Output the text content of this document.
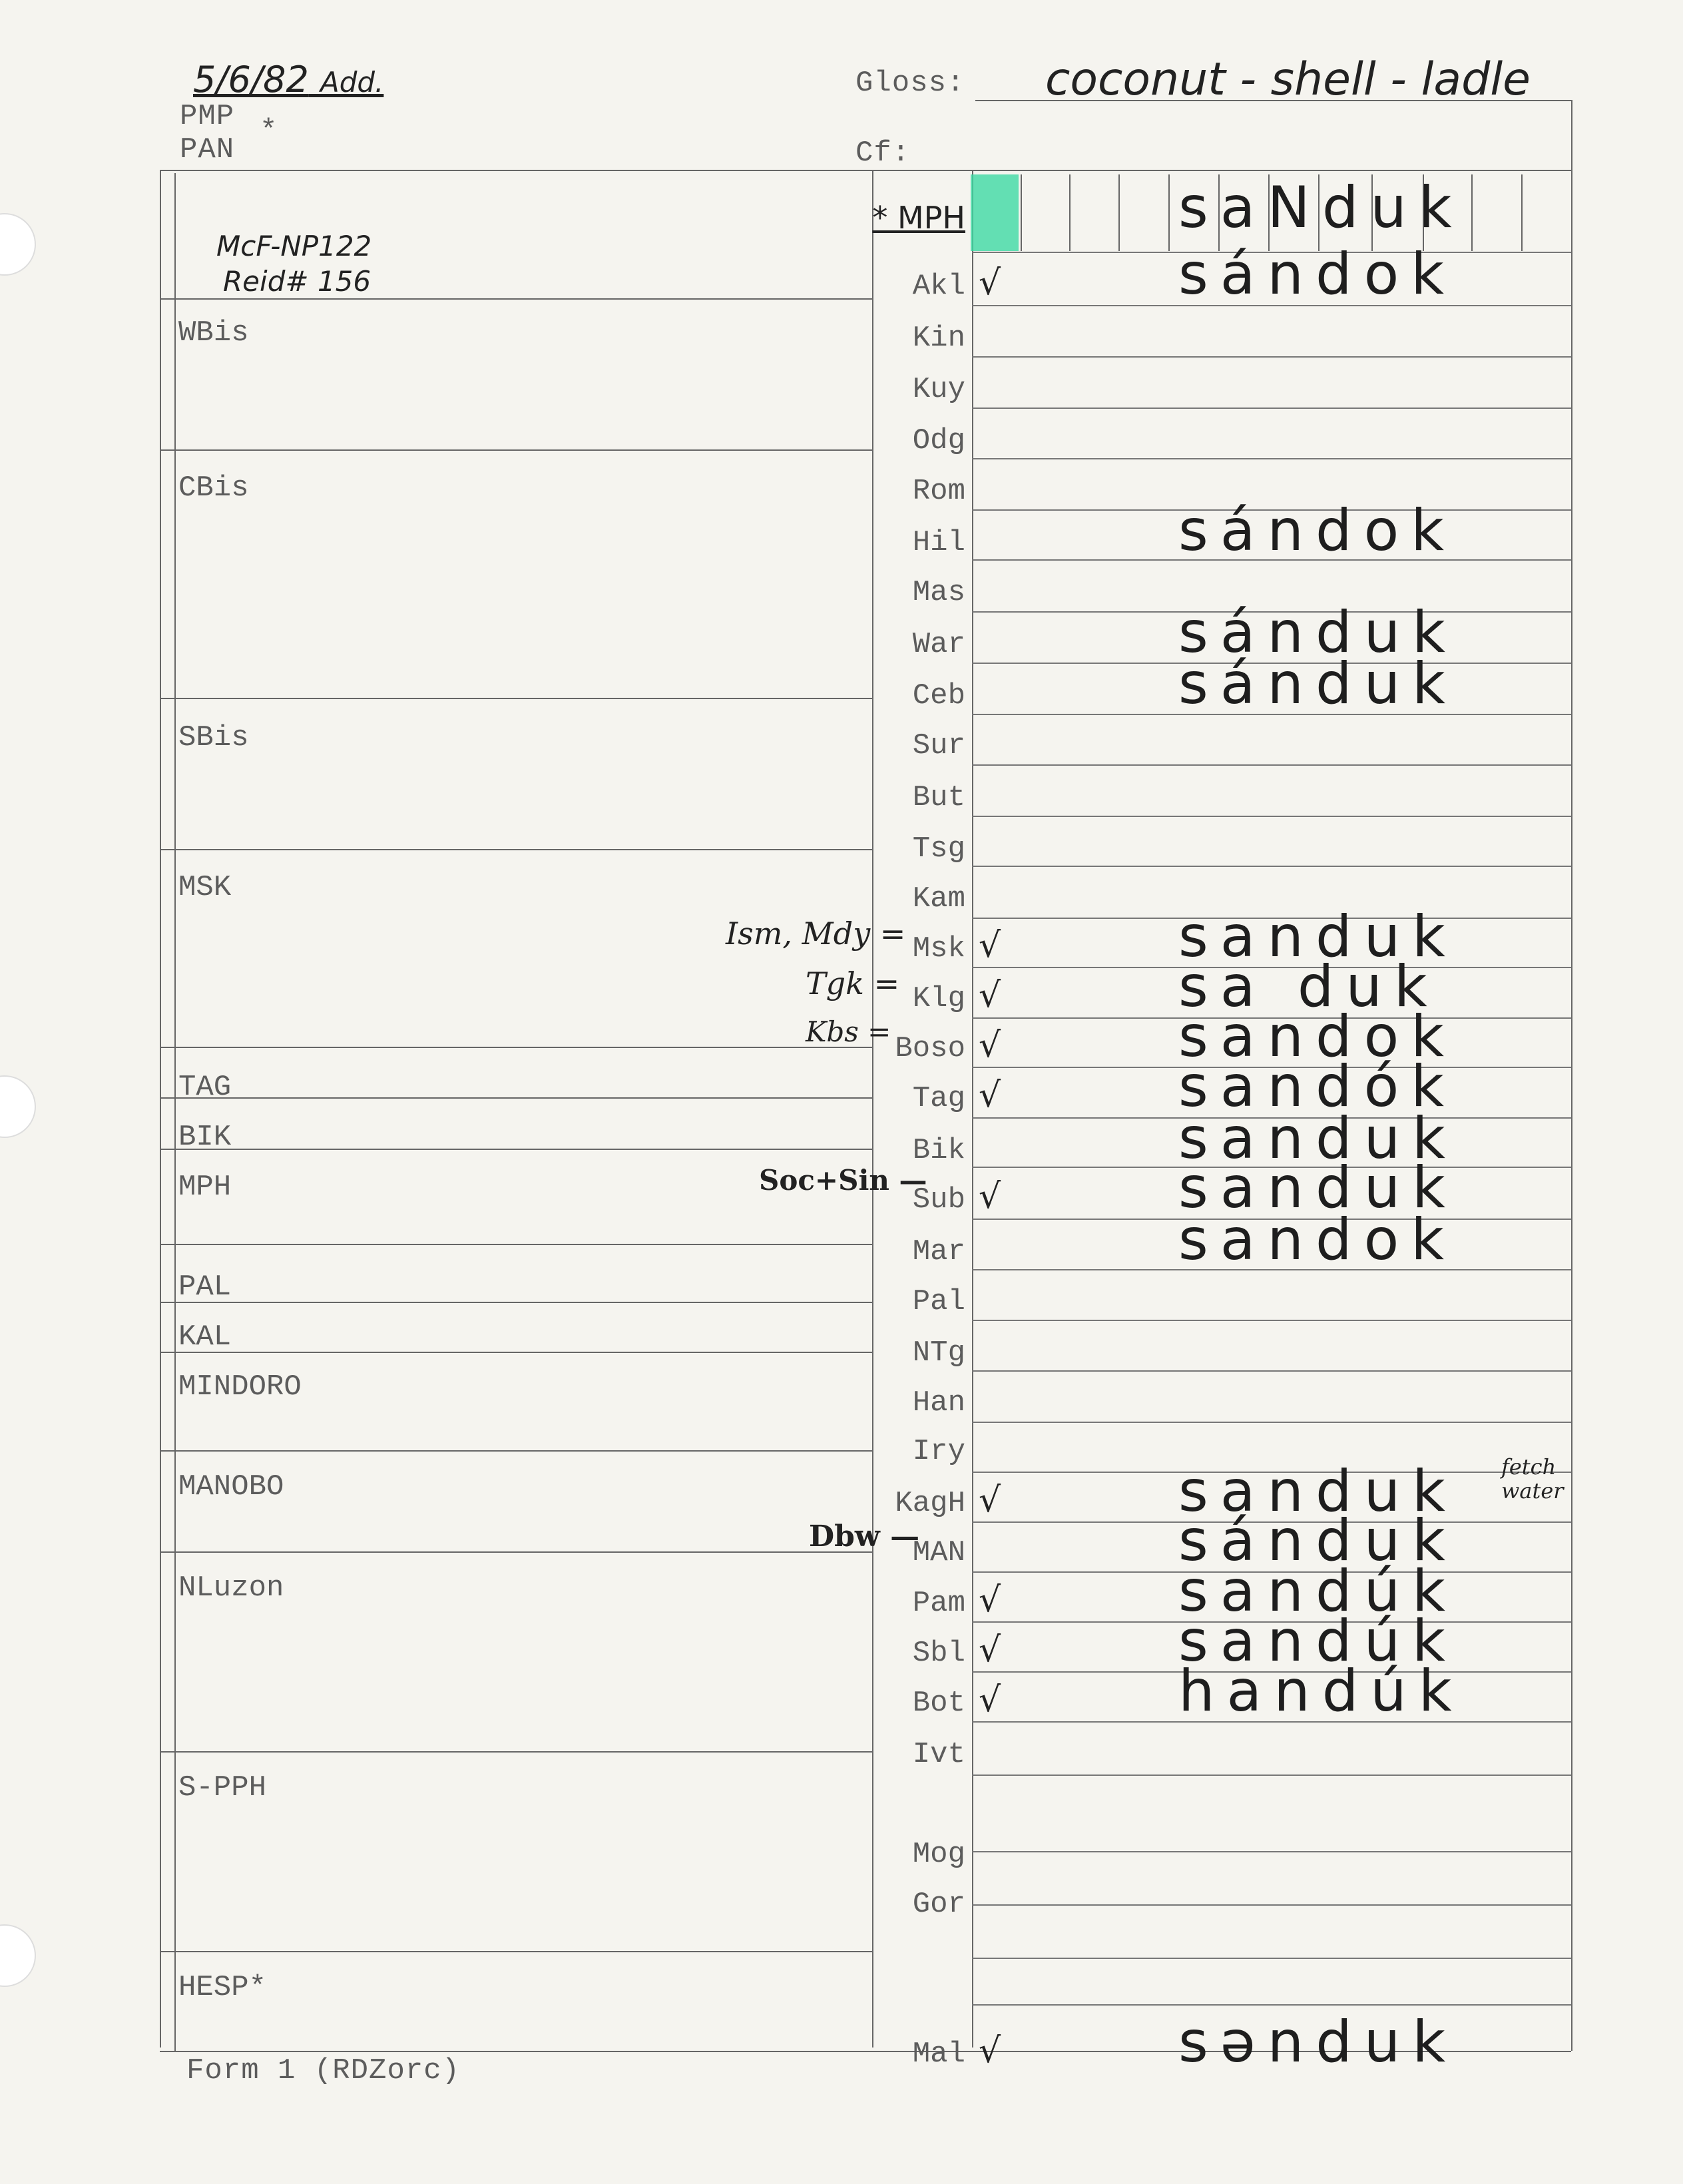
5/6/82 Add.
PMP
PAN
*
Gloss: coconut - shell - ladle
Cf:
McF-NP122
Reid# 156
WBis
CBis
SBis
MSK
TAG
BIK
MPH
PAL
KAL
MINDORO
MANOBO
NLuzon
S-PPH
HESP*
* MPH	saNduk
Akl √	sándok
Kin
Kuy
Odg
Rom
Hil	sándok
Mas
War	sánduk
Ceb	sánduk
Sur
But
Tsg
Kam
Msk √	sanduk
Klg √	sa duk
Boso √	sandok
Tag √	sandók
Bik	sanduk
Sub √	sanduk
Mar	sandok
Pal
NTg
Han
Iry
KagH √	sanduk
MAN	sánduk
Pam √	sandúk
Sbl √	sandúk
Bot √	handúk
Ivt
Mog
Gor
Mal √	sənduk
Ism, Mdy =
Tgk =
Kbs =
Soc+Sin —
Dbw —
fetch water
Form 1 (RDZorc)
